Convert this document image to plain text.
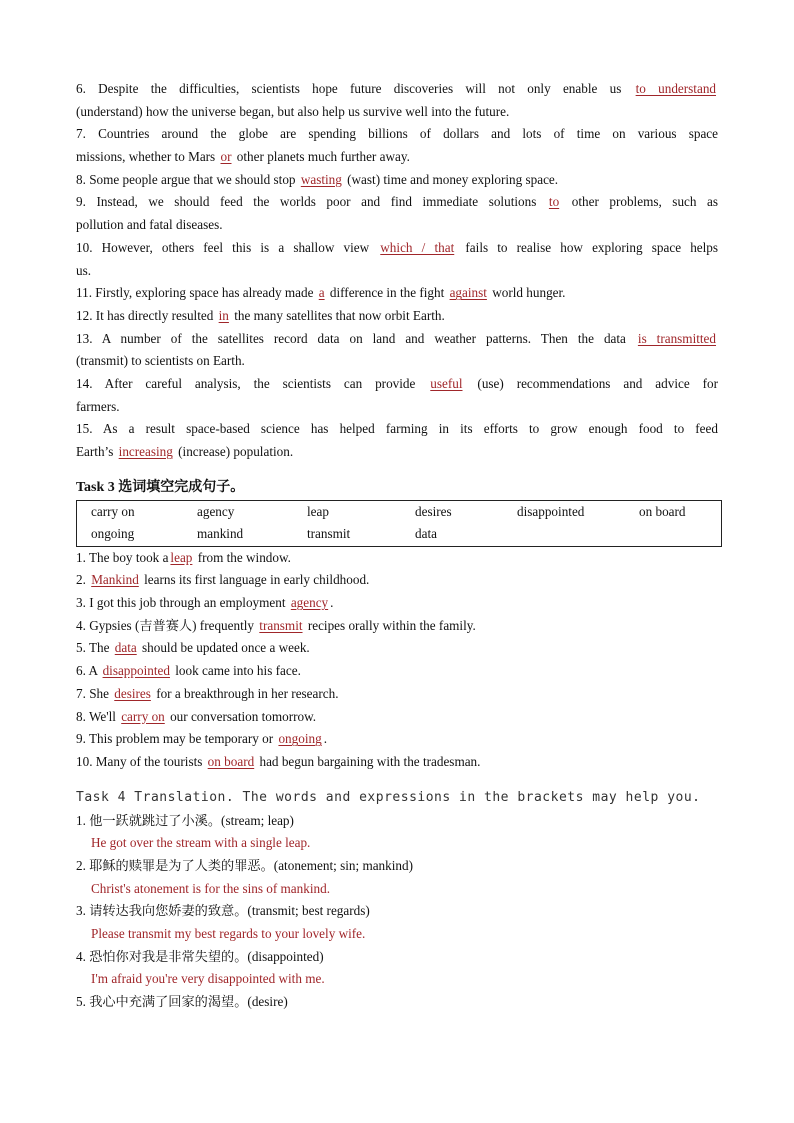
6. Despite the difficulties, scientists hope future discoveries will not only enable us to understand
(understand) how the universe began, but also help us survive well into the future.
7. Countries around the globe are spending billions of dollars and lots of time on various space
missions, whether to Mars or other planets much further away.
8. Some people argue that we should stop wasting (wast) time and money exploring space.
9. Instead, we should feed the worlds poor and find immediate solutions to other problems, such as
pollution and fatal diseases.
10. However, others feel this is a shallow view which / that fails to realise how exploring space helps
us.
11. Firstly, exploring space has already made a difference in the fight against world hunger.
12. It has directly resulted in the many satellites that now orbit Earth.
13. A number of the satellites record data on land and weather patterns. Then the data is transmitted
(transmit) to scientists on Earth.
14. After careful analysis, the scientists can provide useful (use) recommendations and advice for
farmers.
15. As a result space-based science has helped farming in its efforts to grow enough food to feed
Earth’s increasing (increase) population.
Task 3 选词填空完成句子。
carry on	agency	leap	desires	disappointed	on board
ongoing	mankind	transmit	data		
1. The boy took a leap from the window.
2. Mankind learns its first language in early childhood.
3. I got this job through an employment agency .
4. Gypsies (吉普赛人) frequently transmit recipes orally within the family.
5. The data should be updated once a week.
6. A disappointed look came into his face.
7. She desires for a breakthrough in her research.
8. We'll carry on our conversation tomorrow.
9. This problem may be temporary or ongoing .
10. Many of the tourists on board had begun bargaining with the tradesman.
Task 4 Translation. The words and expressions in the brackets may help you.
1. 他一跃就跳过了小溪。(stream; leap)
He got over the stream with a single leap.
2. 耶稣的赎罪是为了人类的罪恶。(atonement; sin; mankind)
Christ's atonement is for the sins of mankind.
3. 请转达我向您娇妻的致意。(transmit; best regards)
Please transmit my best regards to your lovely wife.
4. 恐怕你对我是非常失望的。(disappointed)
I'm afraid you're very disappointed with me.
5. 我心中充满了回家的渴望。(desire)
